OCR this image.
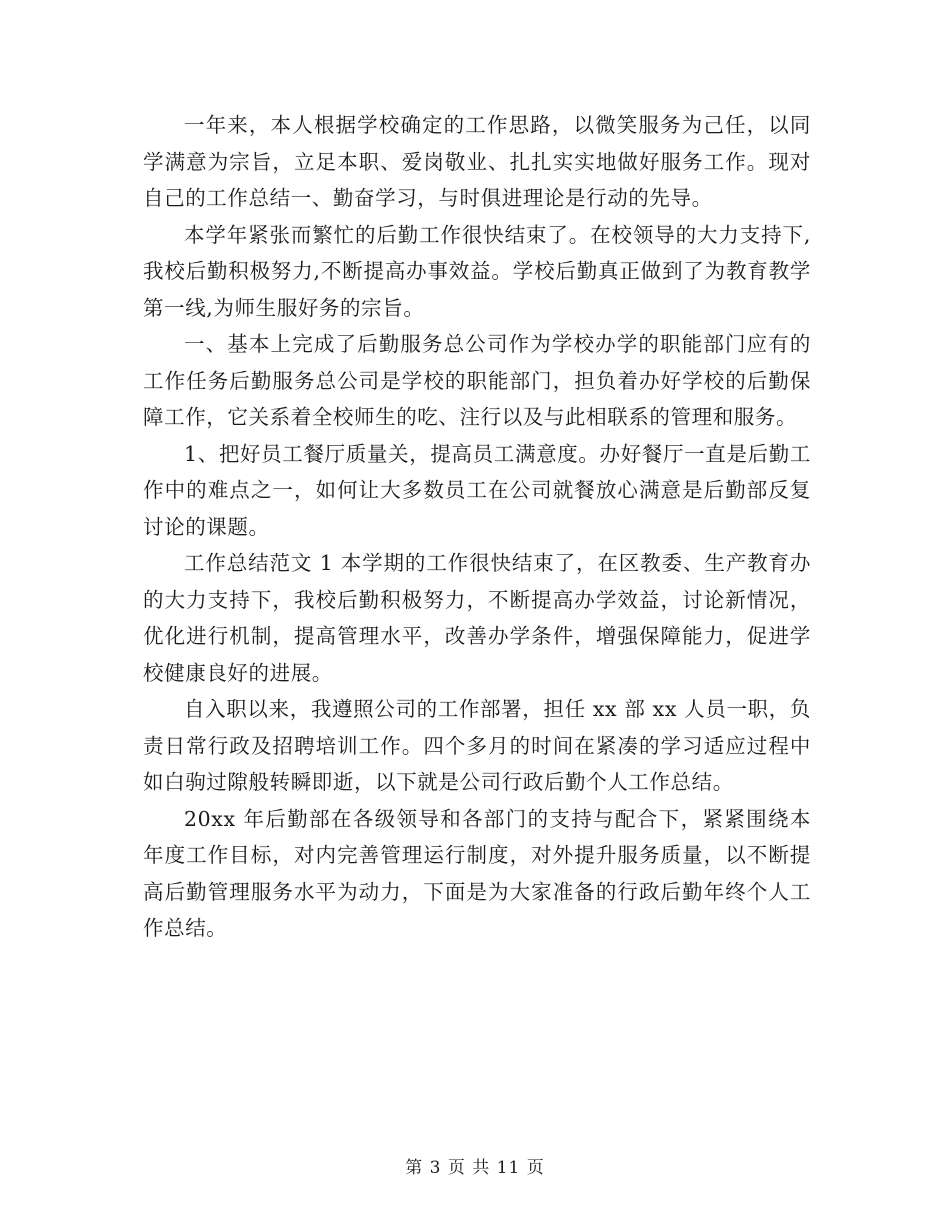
一年来，本人根据学校确定的工作思路，以微笑服务为己任，以同学满意为宗旨，立足本职、爱岗敬业、扎扎实实地做好服务工作。现对自己的工作总结一、勤奋学习，与时俱进理论是行动的先导。

本学年紧张而繁忙的后勤工作很快结束了。在校领导的大力支持下,我校后勤积极努力,不断提高办事效益。学校后勤真正做到了为教育教学第一线,为师生服好务的宗旨。

一、基本上完成了后勤服务总公司作为学校办学的职能部门应有的工作任务后勤服务总公司是学校的职能部门，担负着办好学校的后勤保障工作，它关系着全校师生的吃、注行以及与此相联系的管理和服务。

1、把好员工餐厅质量关，提高员工满意度。办好餐厅一直是后勤工作中的难点之一，如何让大多数员工在公司就餐放心满意是后勤部反复讨论的课题。

工作总结范文 1 本学期的工作很快结束了，在区教委、生产教育办的大力支持下，我校后勤积极努力，不断提高办学效益，讨论新情况，优化进行机制，提高管理水平，改善办学条件，增强保障能力，促进学校健康良好的进展。

自入职以来，我遵照公司的工作部署，担任 xx 部 xx 人员一职，负责日常行政及招聘培训工作。四个多月的时间在紧凑的学习适应过程中如白驹过隙般转瞬即逝，以下就是公司行政后勤个人工作总结。

20xx 年后勤部在各级领导和各部门的支持与配合下，紧紧围绕本年度工作目标，对内完善管理运行制度，对外提升服务质量，以不断提高后勤管理服务水平为动力，下面是为大家准备的行政后勤年终个人工作总结。

第 3 页 共 11 页
